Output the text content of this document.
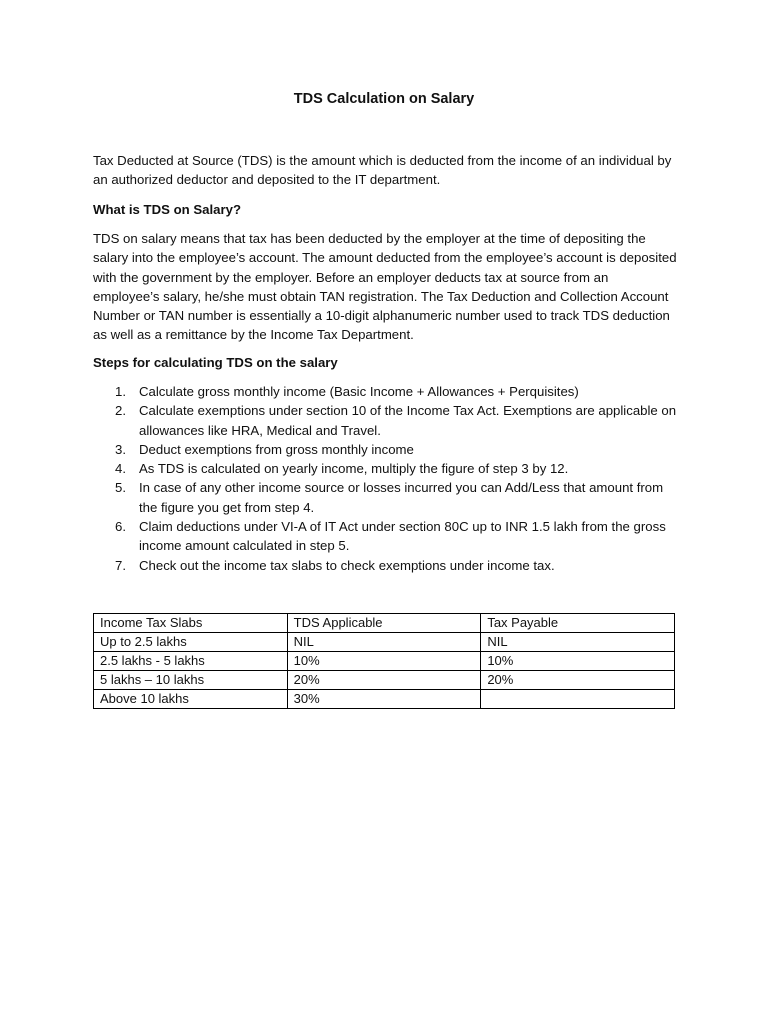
TDS Calculation on Salary

Tax Deducted at Source (TDS) is the amount which is deducted from the income of an individual by an authorized deductor and deposited to the IT department.

What is TDS on Salary?

TDS on salary means that tax has been deducted by the employer at the time of depositing the salary into the employee’s account. The amount deducted from the employee’s account is deposited with the government by the employer. Before an employer deducts tax at source from an employee’s salary, he/she must obtain TAN registration. The Tax Deduction and Collection Account Number or TAN number is essentially a 10-digit alphanumeric number used to track TDS deduction as well as a remittance by the Income Tax Department.

Steps for calculating TDS on the salary

1. Calculate gross monthly income (Basic Income + Allowances + Perquisites)
2. Calculate exemptions under section 10 of the Income Tax Act. Exemptions are applicable on allowances like HRA, Medical and Travel.
3. Deduct exemptions from gross monthly income
4. As TDS is calculated on yearly income, multiply the figure of step 3 by 12.
5. In case of any other income source or losses incurred you can Add/Less that amount from the figure you get from step 4.
6. Claim deductions under VI-A of IT Act under section 80C up to INR 1.5 lakh from the gross income amount calculated in step 5.
7. Check out the income tax slabs to check exemptions under income tax.
Income Tax Slabs	TDS Applicable	Tax Payable
Up to 2.5 lakhs	NIL	NIL
2.5 lakhs - 5 lakhs	10%	10%
5 lakhs – 10 lakhs	20%	20%
Above 10 lakhs	30%	
